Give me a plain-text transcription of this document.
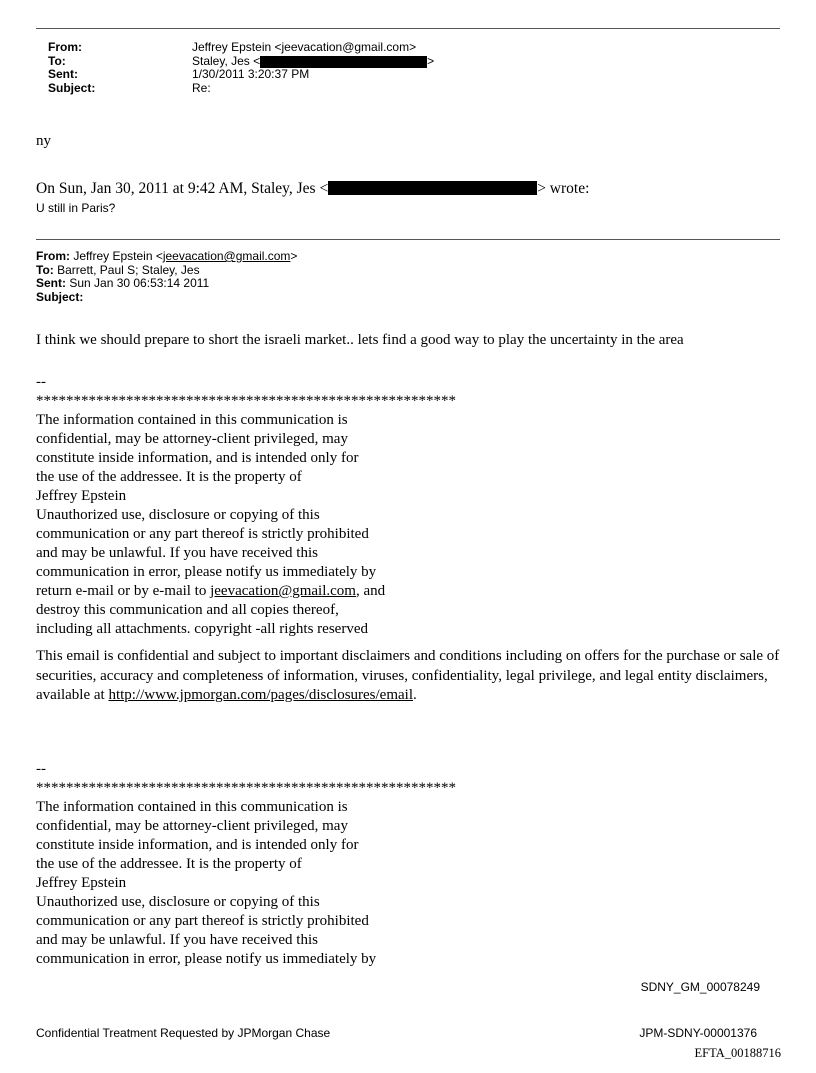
From:	Jeffrey Epstein <jeevacation@gmail.com>
To:	Staley, Jes <	>
Sent:	1/30/2011 3:20:37 PM
Subject:	Re:
ny
On Sun, Jan 30, 2011 at 9:42 AM, Staley, Jes <	> wrote:
U still in Paris?
From: Jeffrey Epstein <jeevacation@gmail.com>
To: Barrett, Paul S; Staley, Jes
Sent: Sun Jan 30 06:53:14 2011
Subject:
I think we should prepare to short the israeli market.. lets find a good way to play the uncertainty in the area
--
********************************************************
The information contained in this communication is
confidential, may be attorney-client privileged, may
constitute inside information, and is intended only for
the use of the addressee. It is the property of
Jeffrey Epstein
Unauthorized use, disclosure or copying of this
communication or any part thereof is strictly prohibited
and may be unlawful. If you have received this
communication in error, please notify us immediately by
return e-mail or by e-mail to jeevacation@gmail.com, and
destroy this communication and all copies thereof,
including all attachments. copyright -all rights reserved
This email is confidential and subject to important disclaimers and conditions including on offers for the purchase or sale of securities, accuracy and completeness of information, viruses, confidentiality, legal privilege, and legal entity disclaimers, available at http://www.jpmorgan.com/pages/disclosures/email.
--
********************************************************
The information contained in this communication is
confidential, may be attorney-client privileged, may
constitute inside information, and is intended only for
the use of the addressee. It is the property of
Jeffrey Epstein
Unauthorized use, disclosure or copying of this
communication or any part thereof is strictly prohibited
and may be unlawful. If you have received this
communication in error, please notify us immediately by
SDNY_GM_00078249
Confidential Treatment Requested by JPMorgan Chase	JPM-SDNY-00001376
EFTA_00188716
